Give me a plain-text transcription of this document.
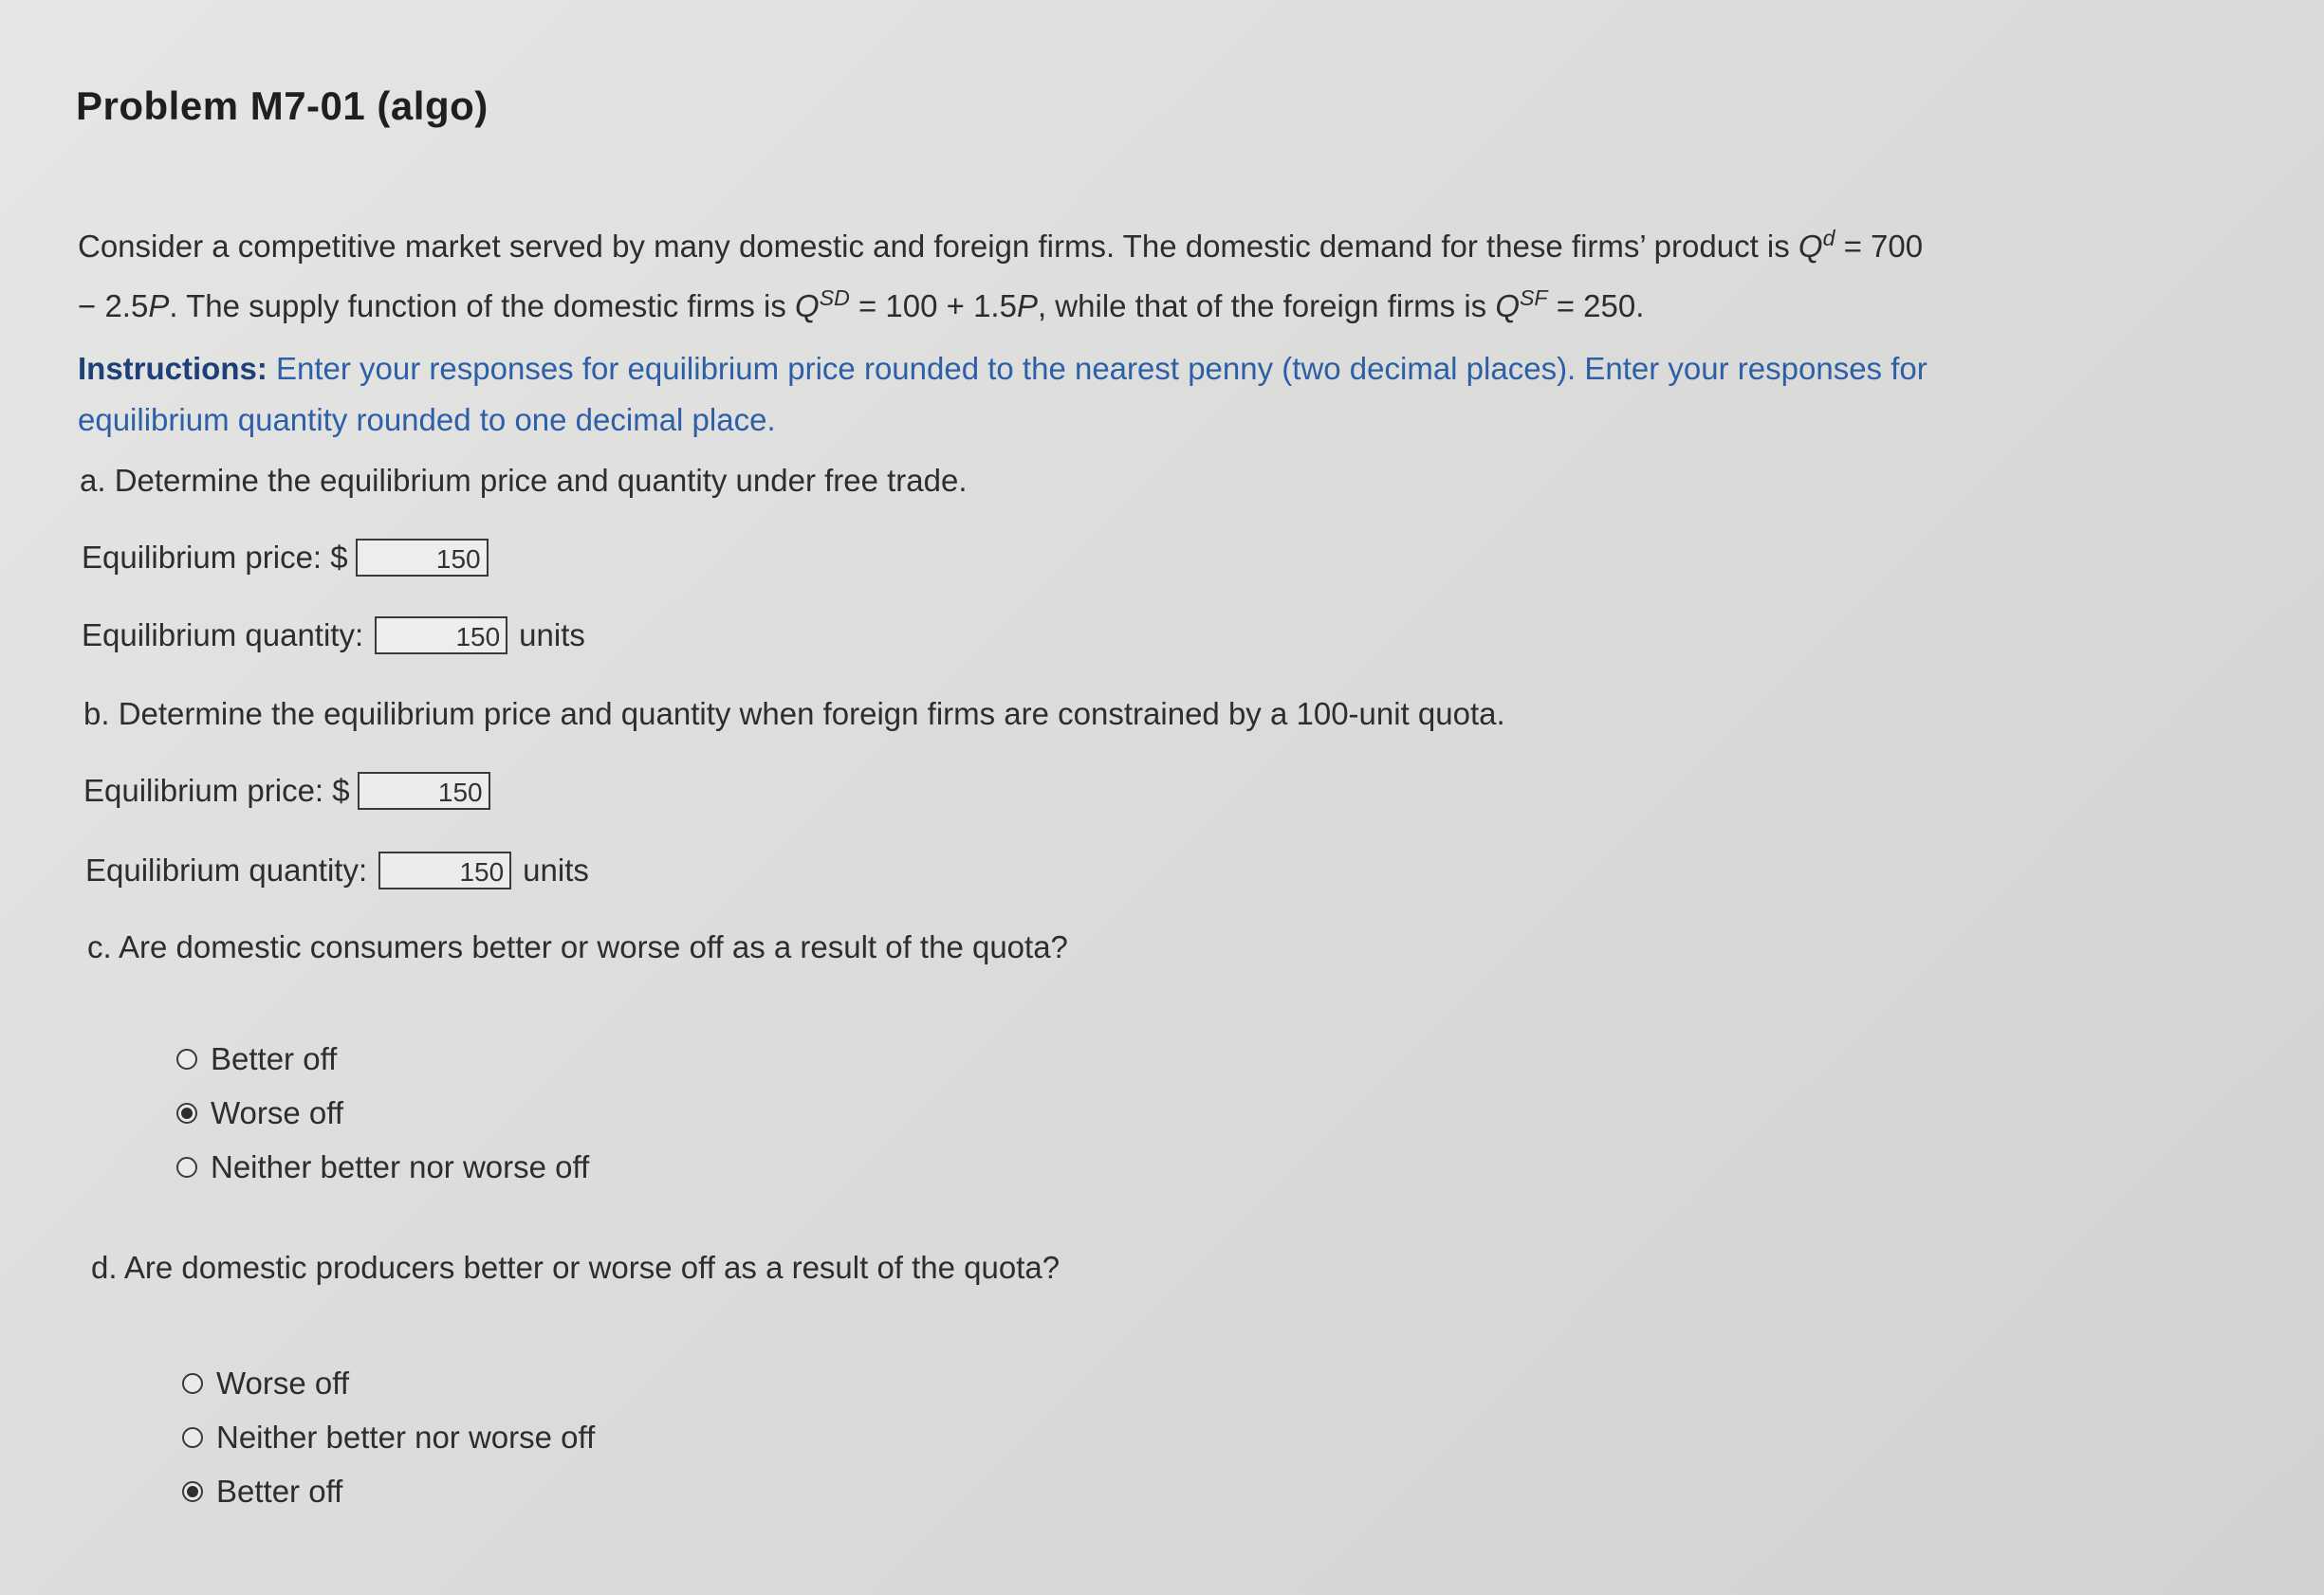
Problem M7-01 (algo)
Consider a competitive market served by many domestic and foreign firms. The domestic demand for these firms’ product is $Q^d = 700$
− 2.5P. The supply function of the domestic firms is $Q^{SD} = 100 + 1.5P$, while that of the foreign firms is $Q^{SF} = 250$.
Instructions: Enter your responses for equilibrium price rounded to the nearest penny (two decimal places). Enter your responses for
equilibrium quantity rounded to one decimal place.
a. Determine the equilibrium price and quantity under free trade.
Equilibrium price: $	150
Equilibrium quantity:	150 units
b. Determine the equilibrium price and quantity when foreign firms are constrained by a 100-unit quota.
Equilibrium price: $	150
Equilibrium quantity:	150 units
c. Are domestic consumers better or worse off as a result of the quota?
Better off
Worse off
Neither better nor worse off
d. Are domestic producers better or worse off as a result of the quota?
Worse off
Neither better nor worse off
Better off
